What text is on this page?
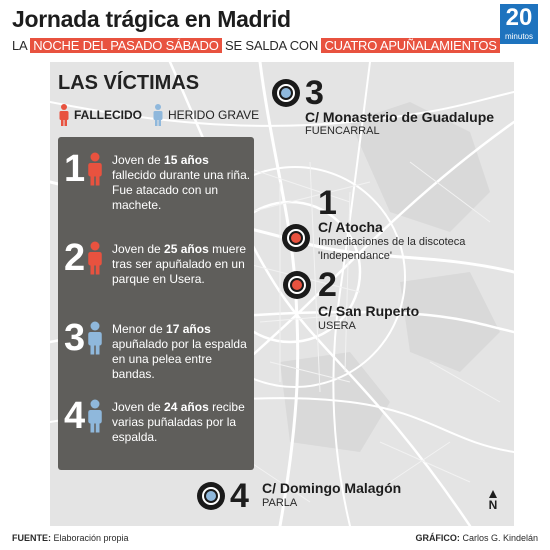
Jornada trágica en Madrid
LA NOCHE DEL PASADO SÁBADO SE SALDA CON CUATRO APUÑALAMIENTOS
20
minutos
LAS VÍCTIMAS
FALLECIDO HERIDO GRAVE
1 Joven de 15 años fallecido durante una riña. Fue atacado con un machete.
2 Joven de 25 años muere tras ser apuñalado en un parque en Usera.
3 Menor de 17 años apuñalado por la espalda en una pelea entre bandas.
4 Joven de 24 años recibe varias puñaladas por la espalda.
3
C/ Monasterio de Guadalupe
FUENCARRAL
1
C/ Atocha
Inmediaciones de la discoteca
'Independance'
2
C/ San Ruperto
USERA
4 C/ Domingo Malagón
PARLA	N
FUENTE: Elaboración propia	GRÁFICO: Carlos G. Kindelán
